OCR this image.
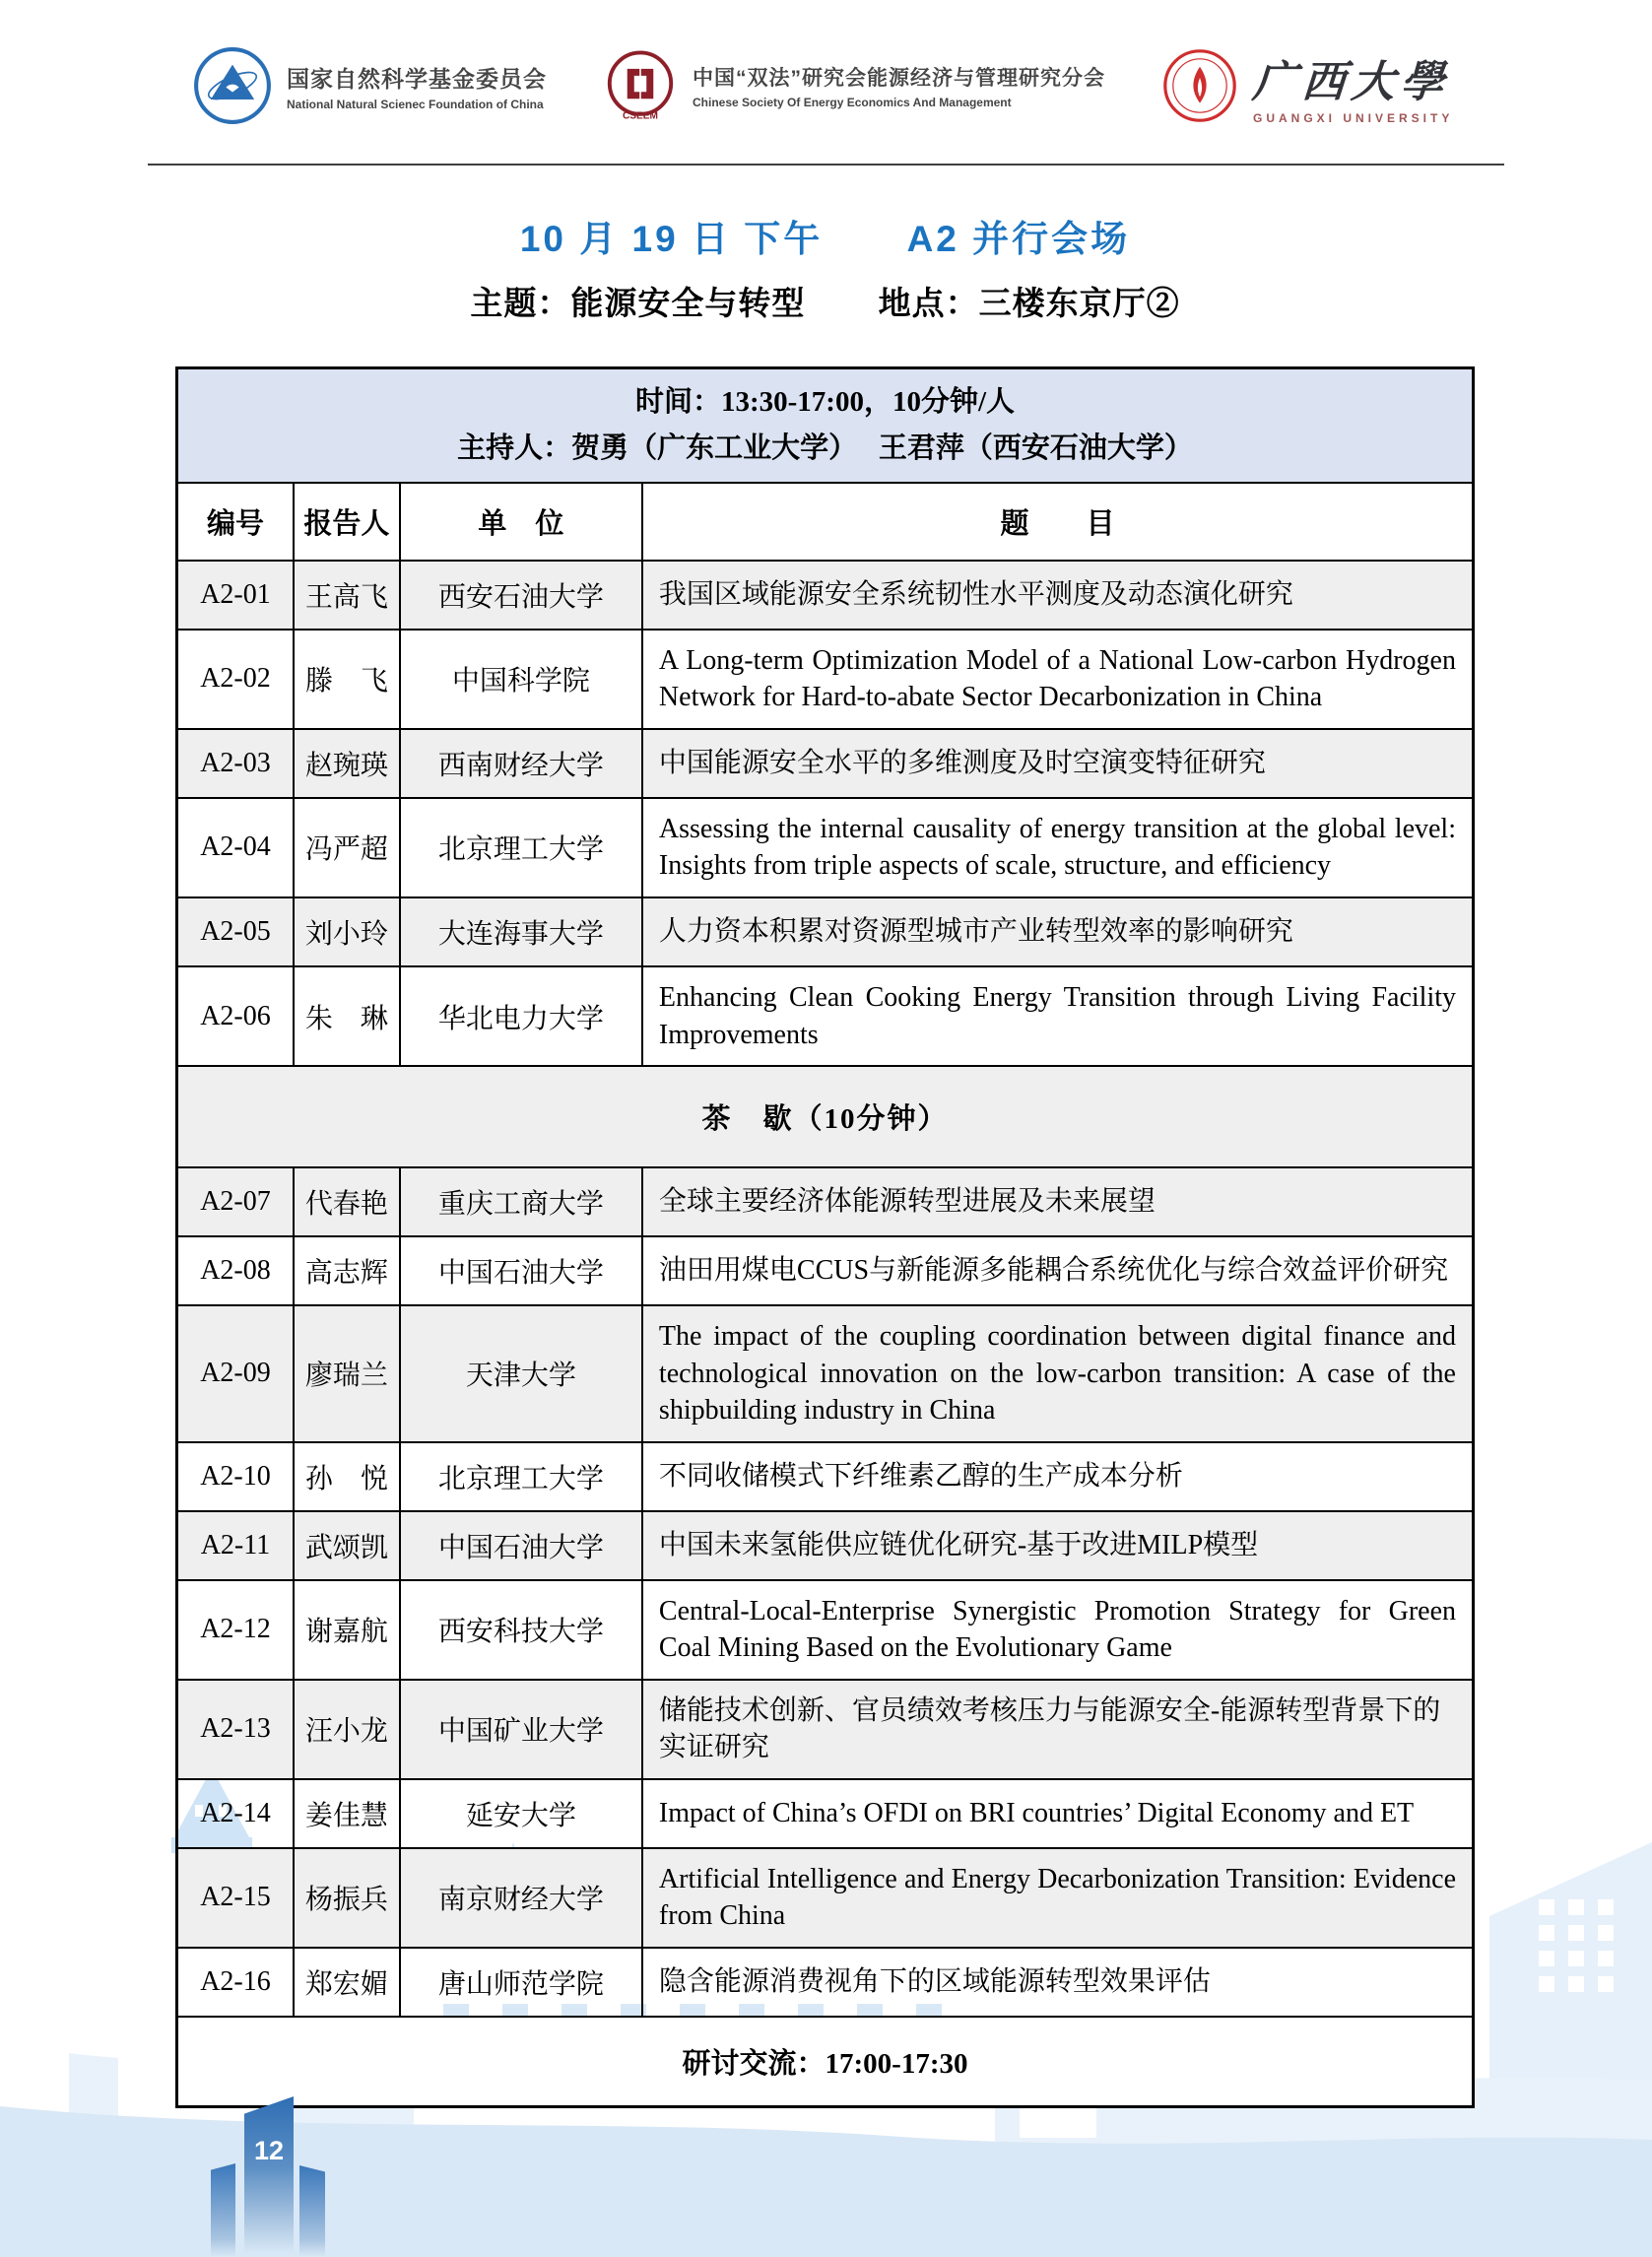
国家自然科学基金委员会
National Natural Scienec Foundation of China
CSEEM
中国“双法”研究会能源经济与管理研究分会
Chinese Society Of Energy Economics And Management	广西大學
GUANGXI UNIVERSITY
10 月 19 日 下午 A2 并行会场
主题：能源安全与转型 地点：三楼东京厅②
时间：13:30-17:00，10分钟/人
主持人：贺勇（广东工业大学）　 王君萍（西安石油大学）			

编号	报告人	单　位	题　　目
A2-01	王高飞	西安石油大学	我国区域能源安全系统韧性水平测度及动态演化研究
A2-02	滕　飞	中国科学院	A Long-term Optimization Model of a National Low-carbon Hydrogen Network for Hard-to-abate Sector Decarbonization in China
A2-03	赵琬瑛	西南财经大学	中国能源安全水平的多维测度及时空演变特征研究
A2-04	冯严超	北京理工大学	Assessing the internal causality of energy transition at the global level: Insights from triple aspects of scale, structure, and efficiency
A2-05	刘小玲	大连海事大学	人力资本积累对资源型城市产业转型效率的影响研究
A2-06	朱　琳	华北电力大学	Enhancing Clean Cooking Energy Transition through Living Facility Improvements
茶　歇（10分钟）			
A2-07	代春艳	重庆工商大学	全球主要经济体能源转型进展及未来展望
A2-08	高志辉	中国石油大学	油田用煤电CCUS与新能源多能耦合系统优化与综合效益评价研究
A2-09	廖瑞兰	天津大学	The impact of the coupling coordination between digital finance and technological innovation on the low-carbon transition: A case of the shipbuilding industry in China
A2-10	孙　悦	北京理工大学	不同收储模式下纤维素乙醇的生产成本分析
A2-11	武颂凯	中国石油大学	中国未来氢能供应链优化研究-基于改进MILP模型
A2-12	谢嘉航	西安科技大学	Central-Local-Enterprise Synergistic Promotion Strategy for Green Coal Mining Based on the Evolutionary Game
A2-13	汪小龙	中国矿业大学	储能技术创新、官员绩效考核压力与能源安全-能源转型背景下的实证研究
A2-14	姜佳慧	延安大学	Impact of China’s OFDI on BRI countries’ Digital Economy and ET
A2-15	杨振兵	南京财经大学	Artificial Intelligence and Energy Decarbonization Transition: Evidence from China
A2-16	郑宏媚	唐山师范学院	隐含能源消费视角下的区域能源转型效果评估
研讨交流：17:00-17:30			
12
